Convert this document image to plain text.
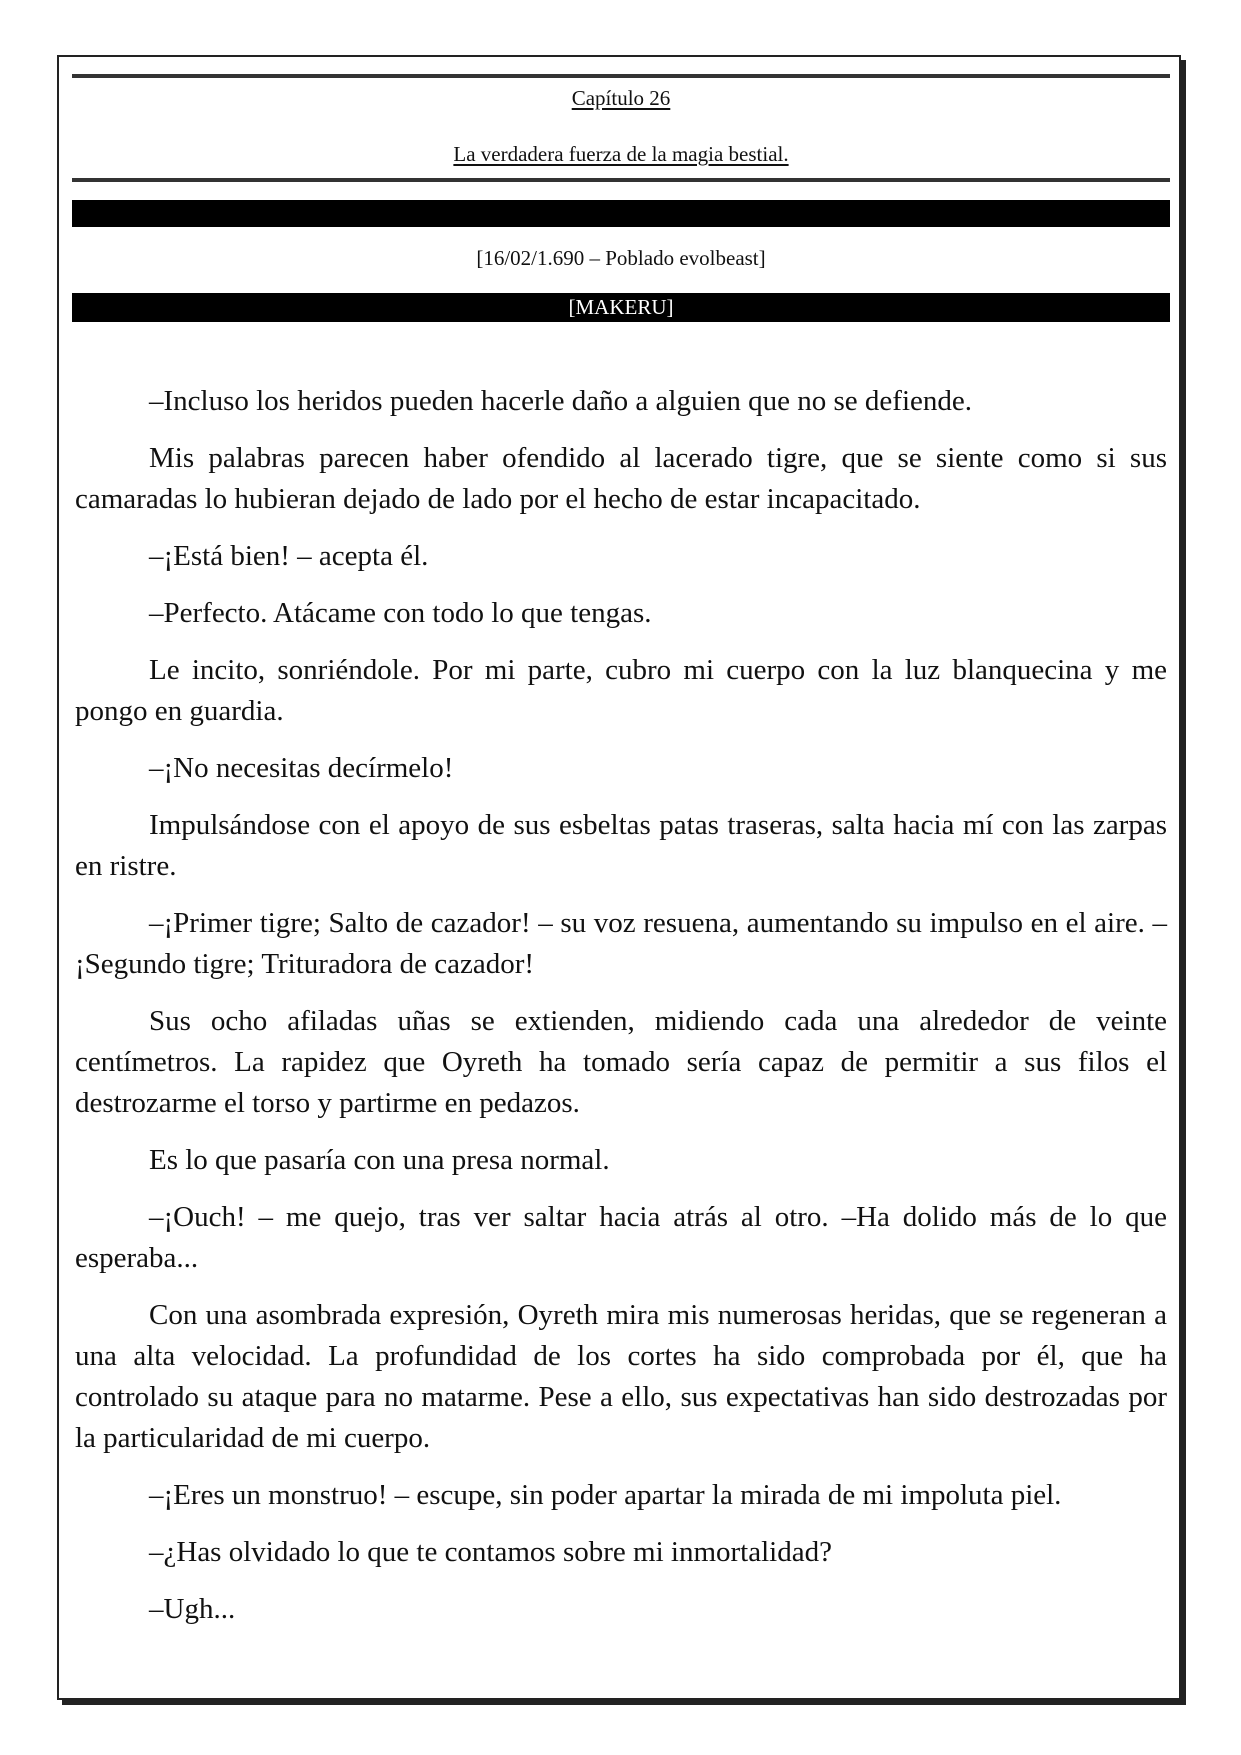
Capítulo 26
La verdadera fuerza de la magia bestial.
[16/02/1.690 – Poblado evolbeast]
[MAKERU]

–Incluso los heridos pueden hacerle daño a alguien que no se defiende.

Mis palabras parecen haber ofendido al lacerado tigre, que se siente como si sus camaradas lo hubieran dejado de lado por el hecho de estar incapacitado.

–¡Está bien! – acepta él.

–Perfecto. Atácame con todo lo que tengas.

Le incito, sonriéndole. Por mi parte, cubro mi cuerpo con la luz blanquecina y me pongo en guardia.

–¡No necesitas decírmelo!

Impulsándose con el apoyo de sus esbeltas patas traseras, salta hacia mí con las zarpas en ristre.

–¡Primer tigre; Salto de cazador! – su voz resuena, aumentando su impulso en el aire. –¡Segundo tigre; Trituradora de cazador!

Sus ocho afiladas uñas se extienden, midiendo cada una alrededor de veinte centímetros. La rapidez que Oyreth ha tomado sería capaz de permitir a sus filos el destrozarme el torso y partirme en pedazos.

Es lo que pasaría con una presa normal.

–¡Ouch! – me quejo, tras ver saltar hacia atrás al otro. –Ha dolido más de lo que esperaba...

Con una asombrada expresión, Oyreth mira mis numerosas heridas, que se regeneran a una alta velocidad. La profundidad de los cortes ha sido comprobada por él, que ha controlado su ataque para no matarme. Pese a ello, sus expectativas han sido destrozadas por la particularidad de mi cuerpo.

–¡Eres un monstruo! – escupe, sin poder apartar la mirada de mi impoluta piel.

–¿Has olvidado lo que te contamos sobre mi inmortalidad?

–Ugh...
